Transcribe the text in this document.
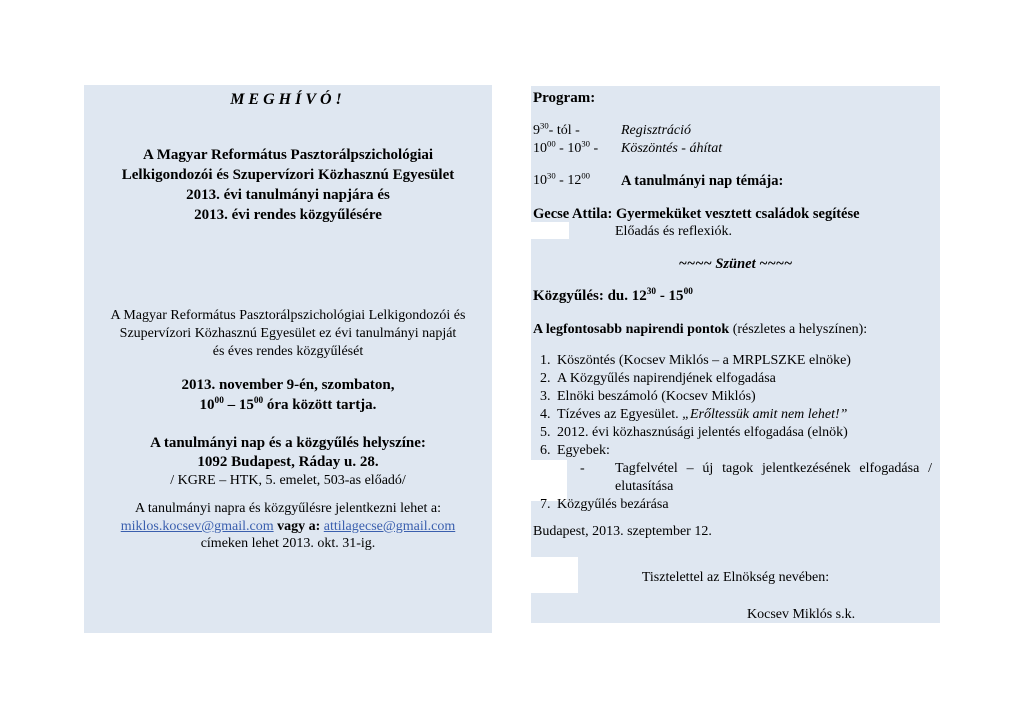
MEGHÍVÓ!
A Magyar Református Pasztorálpszichológiai
Lelkigondozói és Szupervízori Közhasznú Egyesület
2013. évi tanulmányi napjára és
2013. évi rendes közgyűlésére
A Magyar Református Pasztorálpszichológiai Lelkigondozói és
Szupervízori Közhasznú Egyesület ez évi tanulmányi napját
és éves rendes közgyűlését
2013. november 9-én, szombaton,
$10^{00} - 15^{00}$ óra között tartja.
A tanulmányi nap és a közgyűlés helyszíne:
1092 Budapest, Ráday u. 28.
/ KGRE – HTK, 5. emelet, 503-as előadó/
A tanulmányi napra és közgyűlésre jelentkezni lehet a:
miklos.kocsev@gmail.com vagy a: attilagecse@gmail.com
címeken lehet 2013. okt. 31-ig.
Program:
$9^{30}-$ tól -	Regisztráció
$10^{00} - 10^{30}$ -	Köszöntés - áhítat
$10^{30} - 12^{00}$	A tanulmányi nap témája:
Gecse Attila: Gyermeküket vesztett családok segítése
Előadás és reflexiók.
~~~~ Szünet ~~~~
Közgyűlés: du. $12^{30} - 15^{00}$
A legfontosabb napirendi pontok (részletes a helyszínen):
1. Köszöntés (Kocsev Miklós – a MRPLSZKE elnöke)
2. A Közgyűlés napirendjének elfogadása
3. Elnöki beszámoló (Kocsev Miklós)
4. Tízéves az Egyesület. „Erőltessük amit nem lehet!”
5. 2012. évi közhasznúsági jelentés elfogadása (elnök)
6. Egyebek:
-	Tagfelvétel – új tagok jelentkezésének elfogadása /
elutasítása
7. Közgyűlés bezárása
Budapest, 2013. szeptember 12.
Tisztelettel az Elnökség nevében:
Kocsev Miklós s.k.
